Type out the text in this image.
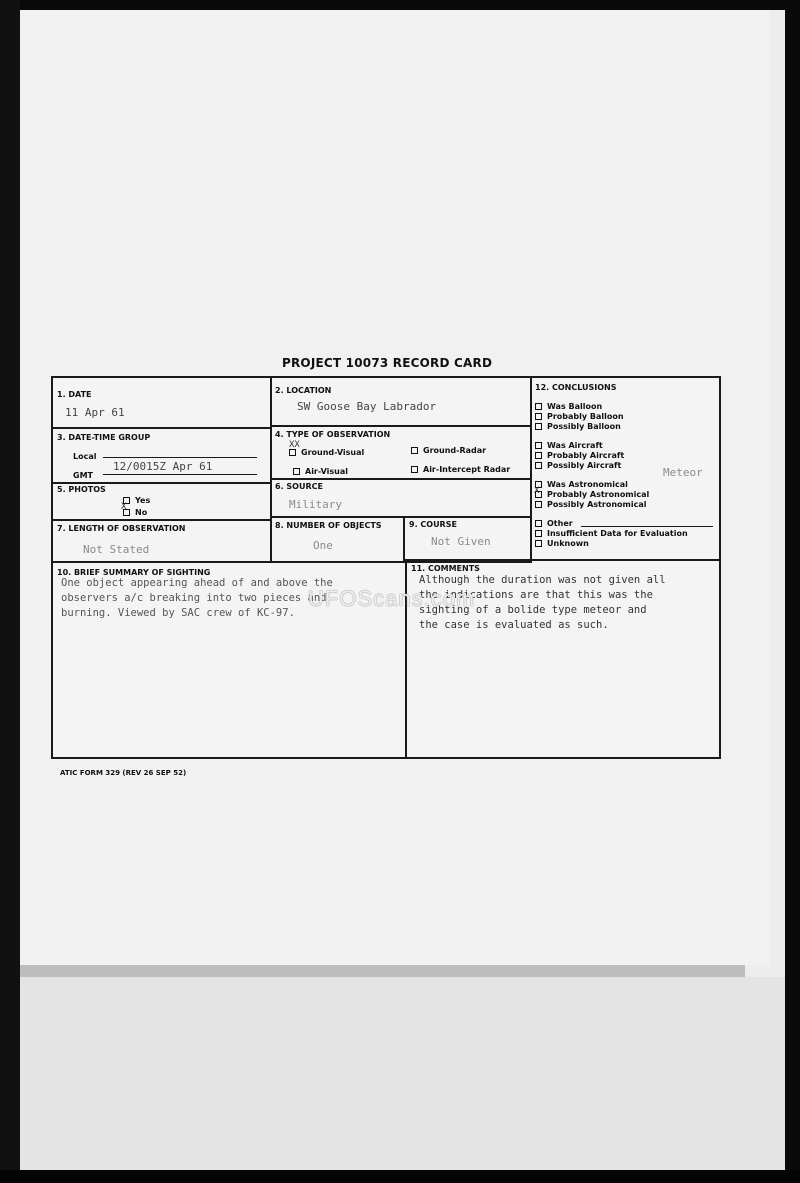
PROJECT 10073 RECORD CARD
1. DATE
11 Apr 61
2. LOCATION
SW Goose Bay Labrador
3. DATE-TIME GROUP
Local
GMT
12/0015Z Apr 61
4. TYPE OF OBSERVATION
Ground-Visual	Ground-Radar
Air-Visual	Air-Intercept Radar
XX
5. PHOTOS
Yes
No
X
6. SOURCE
Military
7. LENGTH OF OBSERVATION
Not Stated
8. NUMBER OF OBJECTS
One
9. COURSE
Not Given
10. BRIEF SUMMARY OF SIGHTING
One object appearing ahead of and above the
observers a/c breaking into two pieces and
burning. Viewed by SAC crew of KC-97.
11. COMMENTS
Although the duration was not given all
the indications are that this was the
sighting of a bolide type meteor and
the case is evaluated as such.
12. CONCLUSIONS
Was Balloon
Probably Balloon
Possibly Balloon
Was Aircraft
Probably Aircraft
Possibly Aircraft
Meteor
Was Astronomical
Probably Astronomical
X
Possibly Astronomical
Other
Insufficient Data for Evaluation
Unknown
UFOScans.com
ATIC FORM 329 (REV 26 SEP 52)
